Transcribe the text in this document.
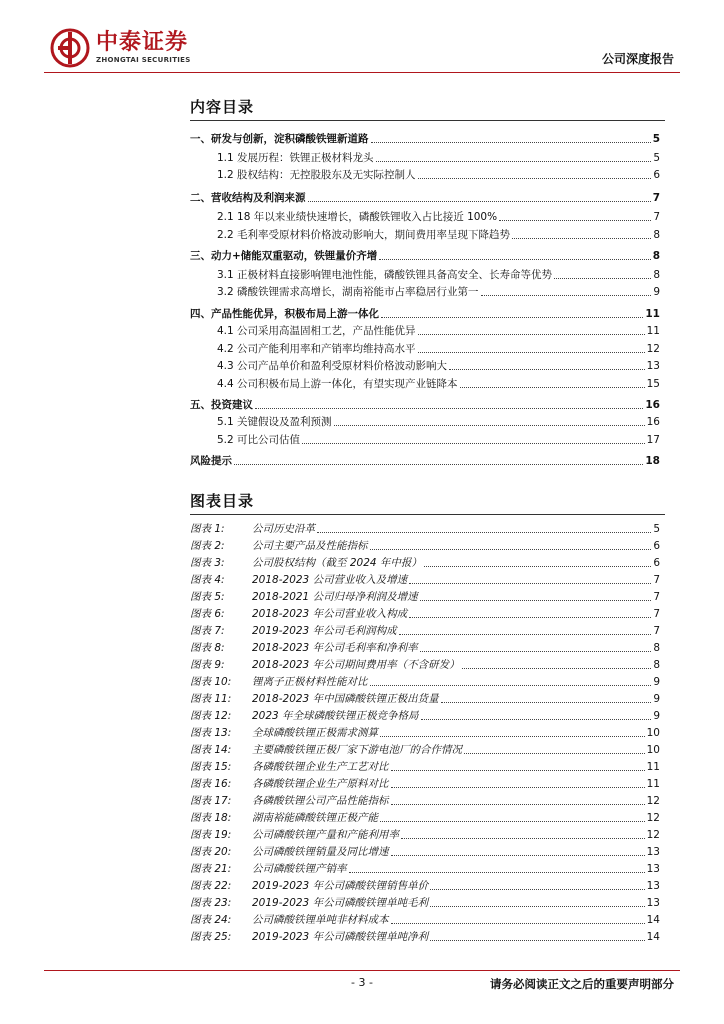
中泰证券
ZHONGTAI SECURITIES	公司深度报告
内容目录
一、研发与创新，淀积磷酸铁锂新道路	5
1.1 发展历程：铁锂正极材料龙头	5
1.2 股权结构：无控股股东及无实际控制人	6
二、营收结构及利润来源	7
2.1 18 年以来业绩快速增长，磷酸铁锂收入占比接近 100%	7
2.2 毛利率受原材料价格波动影响大，期间费用率呈现下降趋势	8
三、动力+储能双重驱动，铁锂量价齐增	8
3.1 正极材料直接影响锂电池性能，磷酸铁锂具备高安全、长寿命等优势	8
3.2 磷酸铁锂需求高增长，湖南裕能市占率稳居行业第一	9
四、产品性能优异，积极布局上游一体化	11
4.1 公司采用高温固相工艺，产品性能优异	11
4.2 公司产能利用率和产销率均维持高水平	12
4.3 公司产品单价和盈利受原材料价格波动影响大	13
4.4 公司积极布局上游一体化，有望实现产业链降本	15
五、投资建议	16
5.1 关键假设及盈利预测	16
5.2 可比公司估值	17
风险提示	18
图表目录
图表 1:	公司历史沿革	5
图表 2:	公司主要产品及性能指标	6
图表 3:	公司股权结构（截至 2024 年中报）	6
图表 4:	2018-2023 公司营业收入及增速	7
图表 5:	2018-2021 公司归母净利润及增速	7
图表 6:	2018-2023 年公司营业收入构成	7
图表 7:	2019-2023 年公司毛利润构成	7
图表 8:	2018-2023 年公司毛利率和净利率	8
图表 9:	2018-2023 年公司期间费用率（不含研发）	8
图表 10: 锂离子正极材料性能对比	9
图表 11: 2018-2023 年中国磷酸铁锂正极出货量	9
图表 12: 2023 年全球磷酸铁锂正极竞争格局	9
图表 13: 全球磷酸铁锂正极需求测算	10
图表 14: 主要磷酸铁锂正极厂家下游电池厂的合作情况	10
图表 15: 各磷酸铁锂企业生产工艺对比	11
图表 16: 各磷酸铁锂企业生产原料对比	11
图表 17: 各磷酸铁锂公司产品性能指标	12
图表 18: 湖南裕能磷酸铁锂正极产能	12
图表 19: 公司磷酸铁锂产量和产能利用率	12
图表 20: 公司磷酸铁锂销量及同比增速	13
图表 21: 公司磷酸铁锂产销率	13
图表 22: 2019-2023 年公司磷酸铁锂销售单价	13
图表 23: 2019-2023 年公司磷酸铁锂单吨毛利	13
图表 24: 公司磷酸铁锂单吨非材料成本	14
图表 25: 2019-2023 年公司磷酸铁锂单吨净利	14
- 3 -	请务必阅读正文之后的重要声明部分
